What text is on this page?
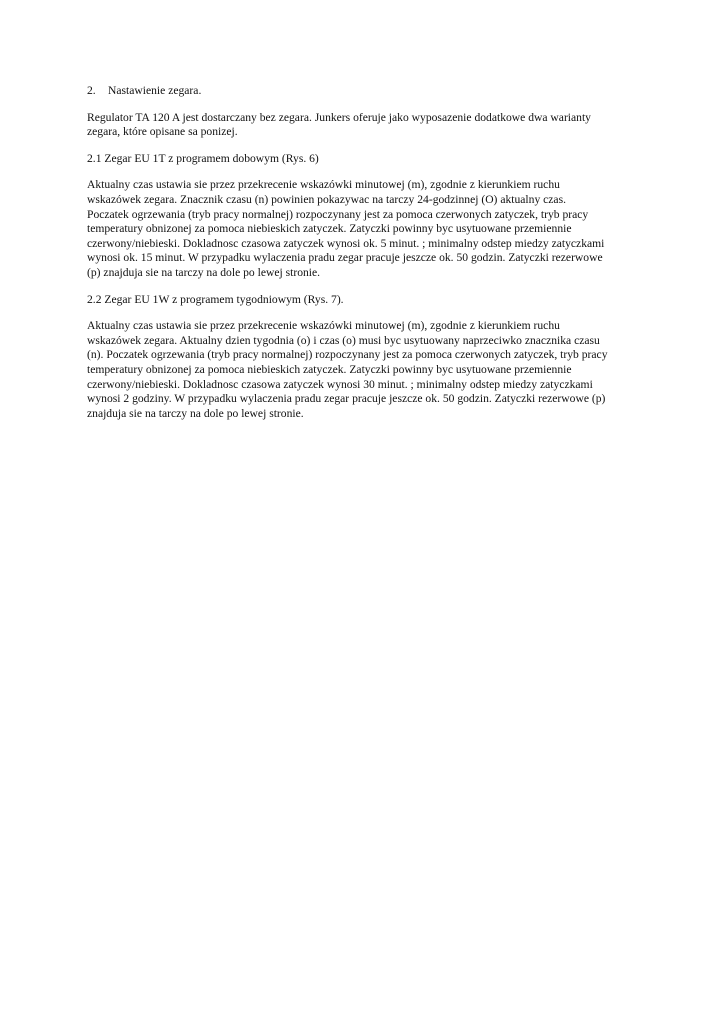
2. Nastawienie zegara.

Regulator TA 120 A jest dostarczany bez zegara. Junkers oferuje jako wyposazenie dodatkowe dwa warianty

zegara, które opisane sa ponizej.

2.1 Zegar EU 1T z programem dobowym (Rys. 6)

Aktualny czas ustawia sie przez przekrecenie wskazówki minutowej (m), zgodnie z kierunkiem ruchu

wskazówek zegara. Znacznik czasu (n) powinien pokazywac na tarczy 24-godzinnej (O) aktualny czas.

Poczatek ogrzewania (tryb pracy normalnej) rozpoczynany jest za pomoca czerwonych zatyczek, tryb pracy

temperatury obnizonej za pomoca niebieskich zatyczek. Zatyczki powinny byc usytuowane przemiennie

czerwony/niebieski. Dokladnosc czasowa zatyczek wynosi ok. 5 minut. ; minimalny odstep miedzy zatyczkami

wynosi ok. 15 minut. W przypadku wylaczenia pradu zegar pracuje jeszcze ok. 50 godzin. Zatyczki rezerwowe

(p) znajduja sie na tarczy na dole po lewej stronie.

2.2 Zegar EU 1W z programem tygodniowym (Rys. 7).

Aktualny czas ustawia sie przez przekrecenie wskazówki minutowej (m), zgodnie z kierunkiem ruchu

wskazówek zegara. Aktualny dzien tygodnia (o) i czas (o) musi byc usytuowany naprzeciwko znacznika czasu

(n). Poczatek ogrzewania (tryb pracy normalnej) rozpoczynany jest za pomoca czerwonych zatyczek, tryb pracy

temperatury obnizonej za pomoca niebieskich zatyczek. Zatyczki powinny byc usytuowane przemiennie

czerwony/niebieski. Dokladnosc czasowa zatyczek wynosi 30 minut. ; minimalny odstep miedzy zatyczkami

wynosi 2 godziny. W przypadku wylaczenia pradu zegar pracuje jeszcze ok. 50 godzin. Zatyczki rezerwowe (p)

znajduja sie na tarczy na dole po lewej stronie.
